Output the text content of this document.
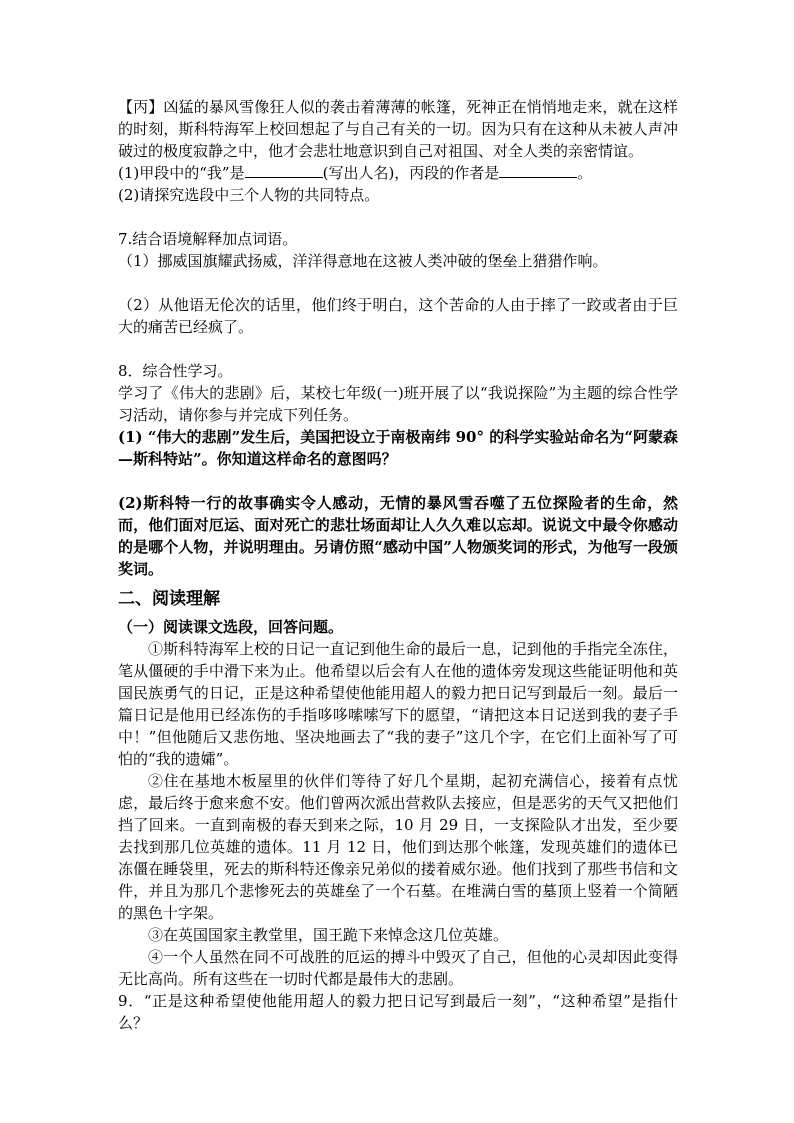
【丙】凶猛的暴风雪像狂人似的袭击着薄薄的帐篷，死神正在悄悄地走来，就在这样的时刻，斯科特海军上校回想起了与自己有关的一切。因为只有在这种从未被人声冲破过的极度寂静之中，他才会悲壮地意识到自己对祖国、对全人类的亲密情谊。

(1)甲段中的“我”是	(写出人名)，丙段的作者是	。

(2)请探究选段中三个人物的共同特点。

7.结合语境解释加点词语。

（1）挪威国旗耀武扬威，洋洋得意地在这被人类冲破的堡垒上猎猎作响。

（2）从他语无伦次的话里，他们终于明白，这个苦命的人由于摔了一跤或者由于巨大的痛苦已经疯了。

8．综合性学习。

学习了《伟大的悲剧》后，某校七年级(一)班开展了以“我说探险”为主题的综合性学习活动，请你参与并完成下列任务。

(1) “伟大的悲剧”发生后，美国把设立于南极南纬 90° 的科学实验站命名为“阿蒙森—斯科特站”。你知道这样命名的意图吗？

(2)斯科特一行的故事确实令人感动，无情的暴风雪吞噬了五位探险者的生命，然而，他们面对厄运、面对死亡的悲壮场面却让人久久难以忘却。说说文中最令你感动的是哪个人物，并说明理由。另请仿照“感动中国”人物颁奖词的形式，为他写一段颁奖词。

二、阅读理解

（一）阅读课文选段，回答问题。

①斯科特海军上校的日记一直记到他生命的最后一息，记到他的手指完全冻住，笔从僵硬的手中滑下来为止。他希望以后会有人在他的遗体旁发现这些能证明他和英国民族勇气的日记，正是这种希望使他能用超人的毅力把日记写到最后一刻。最后一篇日记是他用已经冻伤的手指哆哆嗦嗦写下的愿望，“请把这本日记送到我的妻子手中！”但他随后又悲伤地、坚决地画去了“我的妻子”这几个字，在它们上面补写了可怕的“我的遗孀”。

②住在基地木板屋里的伙伴们等待了好几个星期，起初充满信心，接着有点忧虑，最后终于愈来愈不安。他们曾两次派出营救队去接应，但是恶劣的天气又把他们挡了回来。一直到南极的春天到来之际，10 月 29 日，一支探险队才出发，至少要去找到那几位英雄的遗体。11 月 12 日，他们到达那个帐篷，发现英雄们的遗体已冻僵在睡袋里，死去的斯科特还像亲兄弟似的搂着威尔逊。他们找到了那些书信和文件，并且为那几个悲惨死去的英雄垒了一个石墓。在堆满白雪的墓顶上竖着一个简陋的黑色十字架。

③在英国国家主教堂里，国王跪下来悼念这几位英雄。

④一个人虽然在同不可战胜的厄运的搏斗中毁灭了自己，但他的心灵却因此变得无比高尚。所有这些在一切时代都是最伟大的悲剧。

9．“正是这种希望使他能用超人的毅力把日记写到最后一刻”，“这种希望”是指什么？
